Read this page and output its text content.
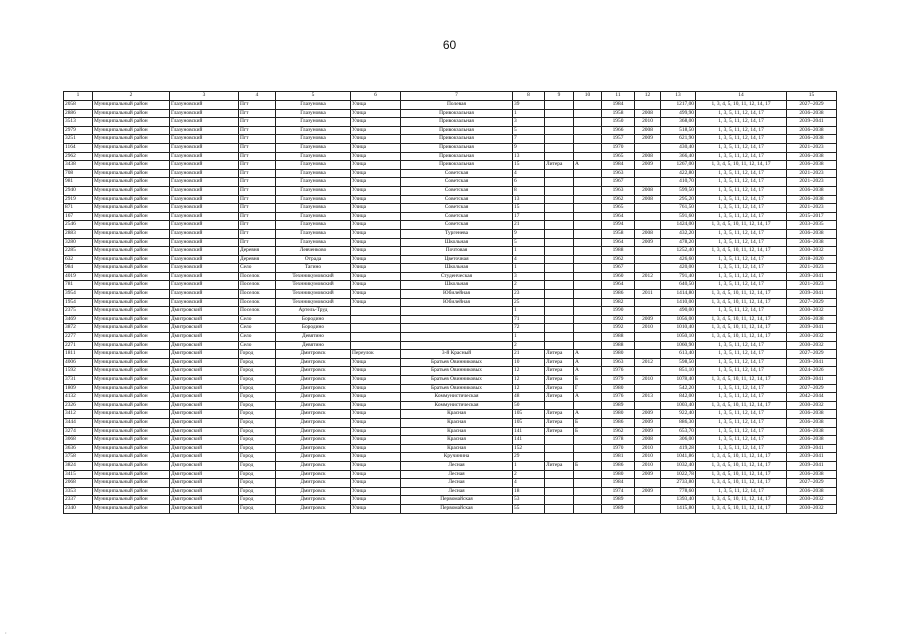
60
1	2	3	4	5	6	7	8	9	10	11	12	13	14	15
2058	Муниципальный район	Глазуновский	Пгт	Глазуновка	Улица	Полевая	39			1984		1217,00	1, 3, 4, 5, 10, 11, 12, 14, 17	2027–2029
2886	Муниципальный район	Глазуновский	Пгт	Глазуновка	Улица	Привокзальная	1			1958	2008	499,90	1, 3, 5, 11, 12, 14, 17	2036–2038
3513	Муниципальный район	Глазуновский	Пгт	Глазуновка	Улица	Привокзальная	3			1950	2010	368,00	1, 3, 5, 11, 12, 14, 17	2039–2041
2979	Муниципальный район	Глазуновский	Пгт	Глазуновка	Улица	Привокзальная	5			1966	2008	518,50	1, 3, 5, 11, 12, 14, 17	2036–2038
3251	Муниципальный район	Глазуновский	Пгт	Глазуновка	Улица	Привокзальная	7			1957	2009	621,90	1, 3, 5, 11, 12, 14, 17	2036–2038
1164	Муниципальный район	Глазуновский	Пгт	Глазуновка	Улица	Привокзальная	9			1970		430,40	1, 3, 5, 11, 12, 14, 17	2021–2023
2962	Муниципальный район	Глазуновский	Пгт	Глазуновка	Улица	Привокзальная	13			1965	2008	366,40	1, 3, 5, 11, 12, 14, 17	2036–2038
3438	Муниципальный район	Глазуновский	Пгт	Глазуновка	Улица	Привокзальная	15	Литера	А	1984	2009	1267,00	1, 3, 4, 5, 10, 11, 12, 14, 17	2036–2038
708	Муниципальный район	Глазуновский	Пгт	Глазуновка	Улица	Советская	4			1963		422,80	1, 3, 5, 11, 12, 14, 17	2021–2023
981	Муниципальный район	Глазуновский	Пгт	Глазуновка	Улица	Советская	6			1967		410,70	1, 3, 5, 11, 12, 14, 17	2021–2023
2940	Муниципальный район	Глазуновский	Пгт	Глазуновка	Улица	Советская	8			1963	2008	599,50	1, 3, 5, 11, 12, 14, 17	2036–2038
2919	Муниципальный район	Глазуновский	Пгт	Глазуновка	Улица	Советская	13			1962	2008	295,20	1, 3, 5, 11, 12, 14, 17	2036–2038
871	Муниципальный район	Глазуновский	Пгт	Глазуновка	Улица	Советская	15			1965		761,50	1, 3, 5, 11, 12, 14, 17	2021–2023
167	Муниципальный район	Глазуновский	Пгт	Глазуновка	Улица	Советская	17			1964		591,60	1, 3, 5, 11, 12, 14, 17	2015–2017
2546	Муниципальный район	Глазуновский	Пгт	Глазуновка	Улица	Советская	21			1994		1424,00	1, 3, 4, 5, 10, 11, 12, 14, 17	2033–2035
2883	Муниципальный район	Глазуновский	Пгт	Глазуновка	Улица	Тургенева	9			1958	2008	432,20	1, 3, 5, 11, 12, 14, 17	2036–2038
3280	Муниципальный район	Глазуновский	Пгт	Глазуновка	Улица	Школьная	5			1964	2009	478,20	1, 3, 5, 11, 12, 14, 17	2036–2038
2285	Муниципальный район	Глазуновский	Деревня	Левченково	Улица	Почтовая	1			1988		1252,40	1, 3, 4, 5, 10, 11, 12, 14, 17	2030–2032
632	Муниципальный район	Глазуновский	Деревня	Отрада	Улица	Цветочная	4			1962		426,60	1, 3, 5, 11, 12, 14, 17	2018–2020
984	Муниципальный район	Глазуновский	Село	Тагино	Улица	Школьная	1			1967		420,00	1, 3, 5, 11, 12, 14, 17	2021–2023
4019	Муниципальный район	Глазуновский	Поселок	Технникумовский	Улица	Студенческая	3			1960	2012	791,40	1, 3, 5, 11, 12, 14, 17	2039–2041
781	Муниципальный район	Глазуновский	Поселок	Технникумовский	Улица	Школьная	2			1964		640,50	1, 3, 5, 11, 12, 14, 17	2021–2023
3954	Муниципальный район	Глазуновский	Поселок	Технникумовский	Улица	Юбилейная	23			1986	2011	1414,80	1, 3, 4, 5, 10, 11, 12, 14, 17	2039–2041
1954	Муниципальный район	Глазуновский	Поселок	Технникумовский	Улица	Юбилейная	25			1982		1410,00	1, 3, 4, 5, 10, 11, 12, 14, 17	2027–2029
2375	Муниципальный район	Дмитровский	Поселок	Артель-Труд			1			1990		490,00	1, 3, 5, 11, 12, 14, 17	2030–2032
3469	Муниципальный район	Дмитровский	Село	Бородино			71			1992	2009	1056,00	1, 3, 4, 5, 10, 11, 12, 14, 17	2036–2038
3872	Муниципальный район	Дмитровский	Село	Бородино			72			1992	2010	1010,40	1, 3, 4, 5, 10, 11, 12, 14, 17	2039–2041
2277	Муниципальный район	Дмитровский	Село	Девятино			1			1988		1050,10	1, 3, 4, 5, 10, 11, 12, 14, 17	2030–2032
2271	Муниципальный район	Дмитровский	Село	Девятино			2			1988		1060,90	1, 3, 5, 11, 12, 14, 17	2030–2032
1811	Муниципальный район	Дмитровский	Город	Дмитровск	Переулок	3-й Красный	21	Литера	А	1980		613,40	1, 3, 5, 11, 12, 14, 17	2027–2029
4006	Муниципальный район	Дмитровский	Город	Дмитровск	Улица	Братьев Овинниковых	10	Литера	А	1963	2012	598,50	1, 3, 5, 11, 12, 14, 17	2039–2041
1592	Муниципальный район	Дмитровский	Город	Дмитровск	Улица	Братьев Овинниковых	12	Литера	А	1976		851,10	1, 3, 5, 11, 12, 14, 17	2024–2026
3731	Муниципальный район	Дмитровский	Город	Дмитровск	Улица	Братьев Овинниковых	12	Литера	Б	1979	2010	1078,40	1, 3, 4, 5, 10, 11, 12, 14, 17	2039–2041
1809	Муниципальный район	Дмитровский	Город	Дмитровск	Улица	Братьев Овинниковых	12	Литера	Г	1980		542,20	1, 3, 5, 11, 12, 14, 17	2027–2029
4132	Муниципальный район	Дмитровский	Город	Дмитровск	Улица	Коммунистическая	48	Литера	А	1976	2013	842,00	1, 3, 5, 11, 12, 14, 17	2042–2044
2326	Муниципальный район	Дмитровский	Город	Дмитровск	Улица	Коммунистическая	50			1989		1003,40	1, 3, 4, 5, 10, 11, 12, 14, 17	2030–2032
3412	Муниципальный район	Дмитровский	Город	Дмитровск	Улица	Красная	105	Литера	А	1980	2009	922,40	1, 3, 5, 11, 12, 14, 17	2036–2038
3444	Муниципальный район	Дмитровский	Город	Дмитровск	Улица	Красная	105	Литера	Б	1986	2009	886,30	1, 3, 5, 11, 12, 14, 17	2036–2038
3274	Муниципальный район	Дмитровский	Город	Дмитровск	Улица	Красная	141	Литера	Б	1962	2009	653,70	1, 3, 5, 11, 12, 14, 17	2036–2038
3068	Муниципальный район	Дмитровский	Город	Дмитровск	Улица	Красная	141			1978	2008	306,00	1, 3, 5, 11, 12, 14, 17	2036–2038
3636	Муниципальный район	Дмитровский	Город	Дмитровск	Улица	Красная	152			1970	2010	419,28	1, 3, 5, 11, 12, 14, 17	2039–2041
3758	Муниципальный район	Дмитровский	Город	Дмитровск	Улица	Кручинина	29			1981	2010	1041,86	1, 3, 4, 5, 10, 11, 12, 14, 17	2039–2041
3824	Муниципальный район	Дмитровский	Город	Дмитровск	Улица	Лесная	1	Литера	Б	1986	2010	1032,40	1, 3, 4, 5, 10, 11, 12, 14, 17	2039–2041
3415	Муниципальный район	Дмитровский	Город	Дмитровск	Улица	Лесная	2			1980	2009	1022,78	1, 3, 4, 5, 10, 11, 12, 14, 17	2036–2038
2068	Муниципальный район	Дмитровский	Город	Дмитровск	Улица	Лесная	4			1984		2733,80	1, 3, 4, 5, 10, 11, 12, 14, 17	2027–2029
3353	Муниципальный район	Дмитровский	Город	Дмитровск	Улица	Лесная	18			1974	2009	778,60	1, 3, 5, 11, 12, 14, 17	2036–2038
2337	Муниципальный район	Дмитровский	Город	Дмитровск	Улица	Первомайская	53			1989		1393,40	1, 3, 4, 5, 10, 11, 12, 14, 17	2030–2032
2340	Муниципальный район	Дмитровский	Город	Дмитровск	Улица	Первомайская	55			1989		1415,80	1, 3, 4, 5, 10, 11, 12, 14, 17	2030–2032
‚
